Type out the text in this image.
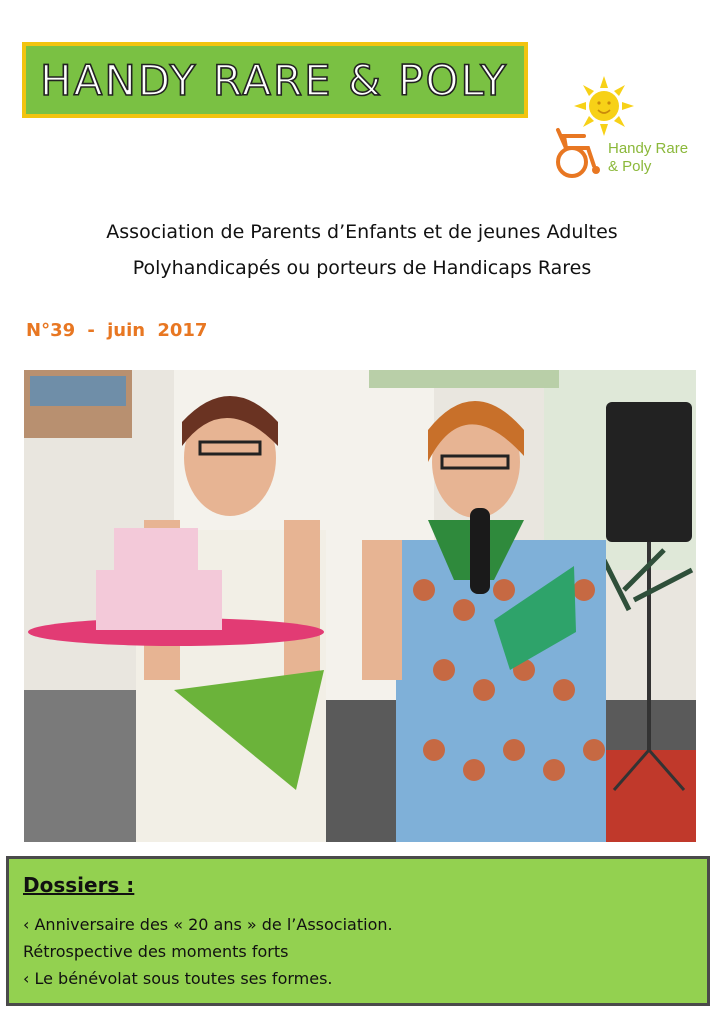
HANDY RARE & POLY
Handy Rare
& Poly
Association de Parents d’Enfants et de jeunes Adultes
Polyhandicapés ou porteurs de Handicaps Rares
N°39 - juin 2017
Dossiers :
‹ Anniversaire des « 20 ans » de l’Association.
Rétrospective des moments forts
‹ Le bénévolat sous toutes ses formes.
